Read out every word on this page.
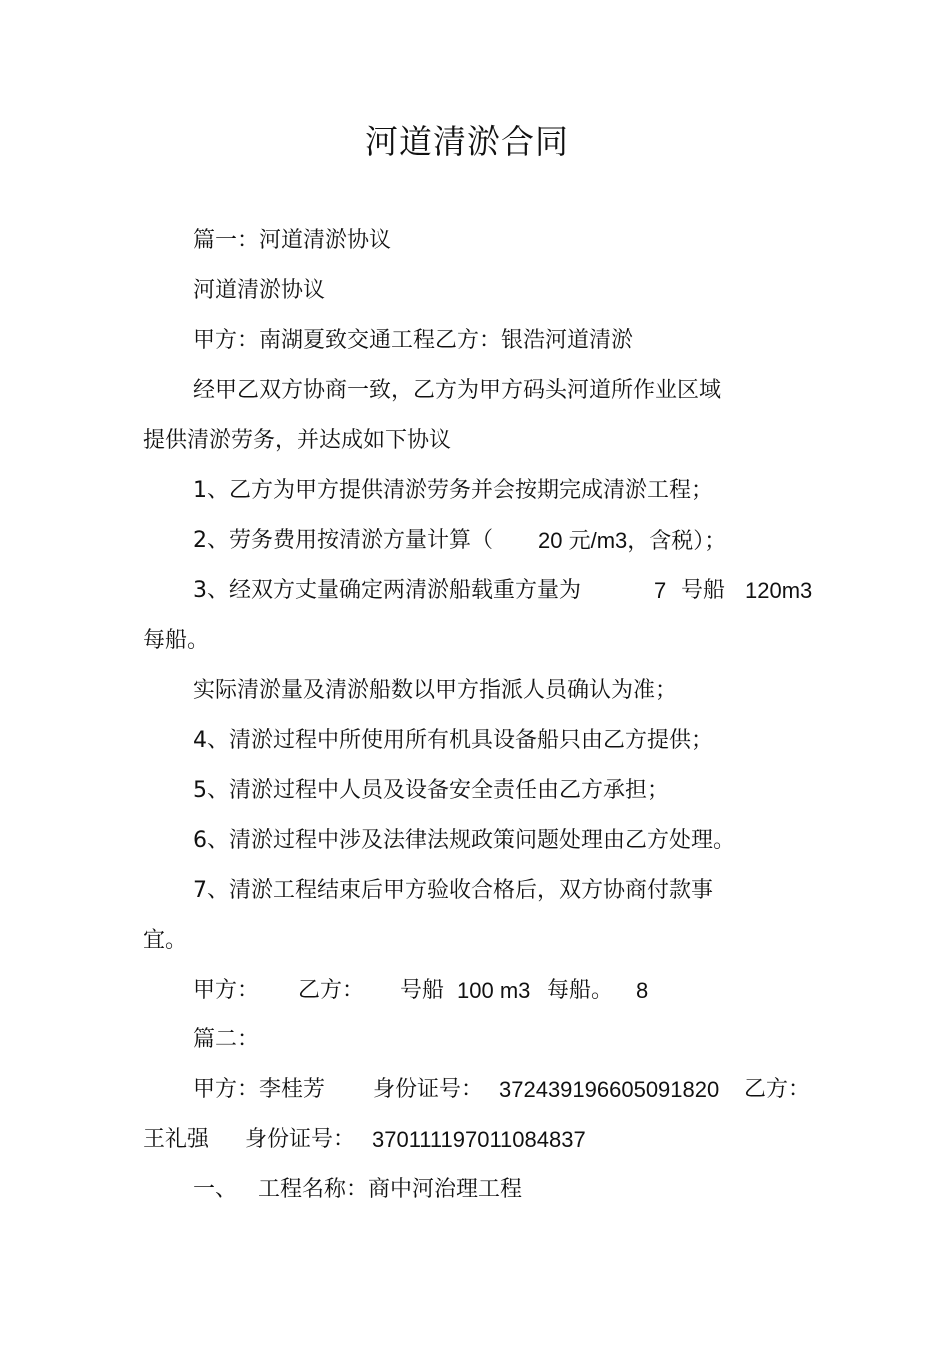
河道清淤合同

篇一：河道清淤协议

河道清淤协议

甲方：南湖夏致交通工程乙方：银浩河道清淤

经甲乙双方协商一致，乙方为甲方码头河道所作业区域

提供清淤劳务，并达成如下协议

1、乙方为甲方提供清淤劳务并会按期完成清淤工程；

2、劳务费用按清淤方量计算（

20 元/m3，含税）；

3、经双方丈量确定两清淤船载重方量为

	7

号船

120m3

每船。

实际清淤量及清淤船数以甲方指派人员确认为准；

4、清淤过程中所使用所有机具设备船只由乙方提供；

5、清淤过程中人员及设备安全责任由乙方承担；

6、清淤过程中涉及法律法规政策问题处理由乙方处理。

7、清淤工程结束后甲方验收合格后，双方协商付款事

宜。

甲方：

乙方：

号船

100 m3

每船。

8

篇二：

甲方：李桂芳

身份证号：

372439196605091820

乙方：

王礼强

身份证号：

370111197011084837

一、

工程名称：商中河治理工程
